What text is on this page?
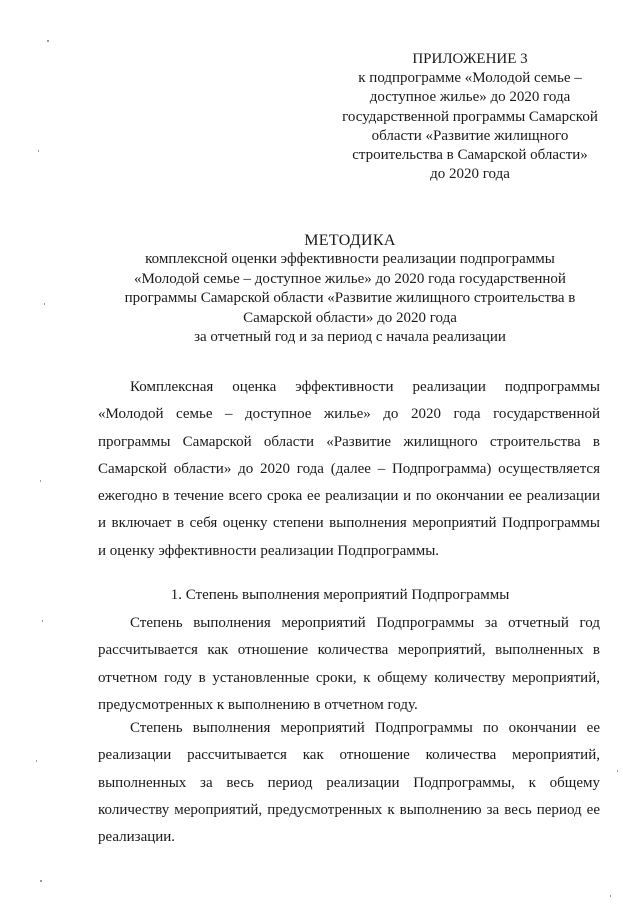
ПРИЛОЖЕНИЕ 3
к подпрограмме «Молодой семье –
доступное жилье» до 2020 года
государственной программы Самарской
области «Развитие жилищного
строительства в Самарской области»
до 2020 года
МЕТОДИКА
комплексной оценки эффективности реализации подпрограммы
«Молодой семье – доступное жилье» до 2020 года государственной
программы Самарской области «Развитие жилищного строительства в
Самарской области» до 2020 года
за отчетный год и за период с начала реализации
Комплексная оценка эффективности реализации подпрограммы
«Молодой семье – доступное жилье» до 2020 года государственной
программы Самарской области «Развитие жилищного строительства в
Самарской области» до 2020 года (далее – Подпрограмма) осуществляется
ежегодно в течение всего срока ее реализации и по окончании ее реализации
и включает в себя оценку степени выполнения мероприятий Подпрограммы
и оценку эффективности реализации Подпрограммы.
1. Степень выполнения мероприятий Подпрограммы
Степень выполнения мероприятий Подпрограммы за отчетный год
рассчитывается как отношение количества мероприятий, выполненных в
отчетном году в установленные сроки, к общему количеству мероприятий,
предусмотренных к выполнению в отчетном году.
Степень выполнения мероприятий Подпрограммы по окончании ее
реализации рассчитывается как отношение количества мероприятий,
выполненных за весь период реализации Подпрограммы, к общему
количеству мероприятий, предусмотренных к выполнению за весь период ее
реализации.
